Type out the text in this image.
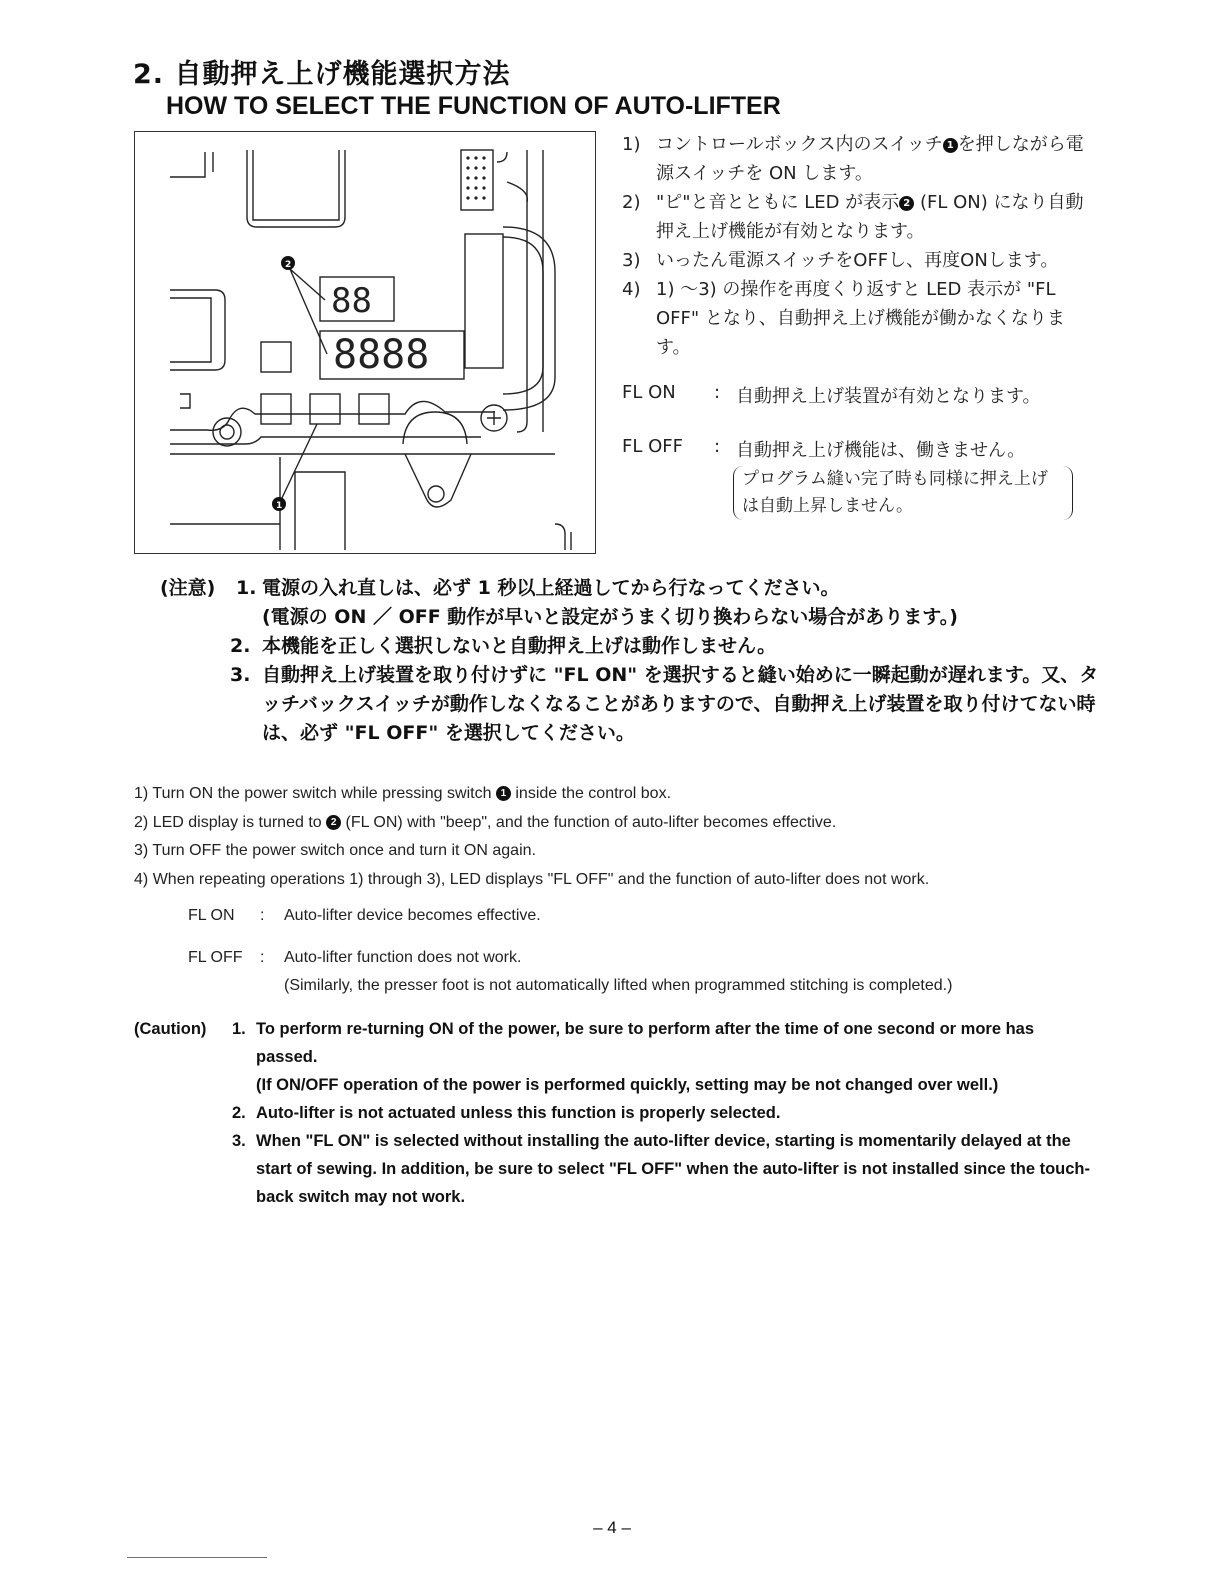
2. 自動押え上げ機能選択方法
HOW TO SELECT THE FUNCTION OF AUTO-LIFTER
88
8888
2
1
1) コントロールボックス内のスイッチ 1 を押しながら電源スイッチを ON します。
2) "ピ"と音とともに LED が表示 2 (FL ON) になり自動押え上げ機能が有効となります。
3) いったん電源スイッチをOFFし、再度ONします。
4) 1) ～3) の操作を再度くり返すと LED 表示が "FL OFF" となり、自動押え上げ機能が働かなくなります。
FL ON	: 自動押え上げ装置が有効となります。
FL OFF	: 自動押え上げ機能は、働きません。
プログラム縫い完了時も同様に押え上げは自動上昇しません。
(注意)	1. 電源の入れ直しは、必ず 1 秒以上経過してから行なってください。
(電源の ON ／ OFF 動作が早いと設定がうまく切り換わらない場合があります。)
2. 本機能を正しく選択しないと自動押え上げは動作しません。
3. 自動押え上げ装置を取り付けずに "FL ON" を選択すると縫い始めに一瞬起動が遅れます。又、タッチバックスイッチが動作しなくなることがありますので、自動押え上げ装置を取り付けてない時は、必ず "FL OFF" を選択してください。
1) Turn ON the power switch while pressing switch 1 inside the control box.
2) LED display is turned to 2 (FL ON) with "beep", and the function of auto-lifter becomes effective.
3) Turn OFF the power switch once and turn it ON again.
4) When repeating operations 1) through 3), LED displays "FL OFF" and the function of auto-lifter does not work.
FL ON	:	Auto-lifter device becomes effective.
FL OFF	:	Auto-lifter function does not work.
(Similarly, the presser foot is not automatically lifted when programmed stitching is completed.)
(Caution)	1. To perform re-turning ON of the power, be sure to perform after the time of one second or more has passed.
(If ON/OFF operation of the power is performed quickly, setting may be not changed over well.)
2. Auto-lifter is not actuated unless this function is properly selected.
3. When "FL ON" is selected without installing the auto-lifter device, starting is momentarily delayed at the start of sewing. In addition, be sure to select "FL OFF" when the auto-lifter is not installed since the touch-back switch may not work.
– 4 –
